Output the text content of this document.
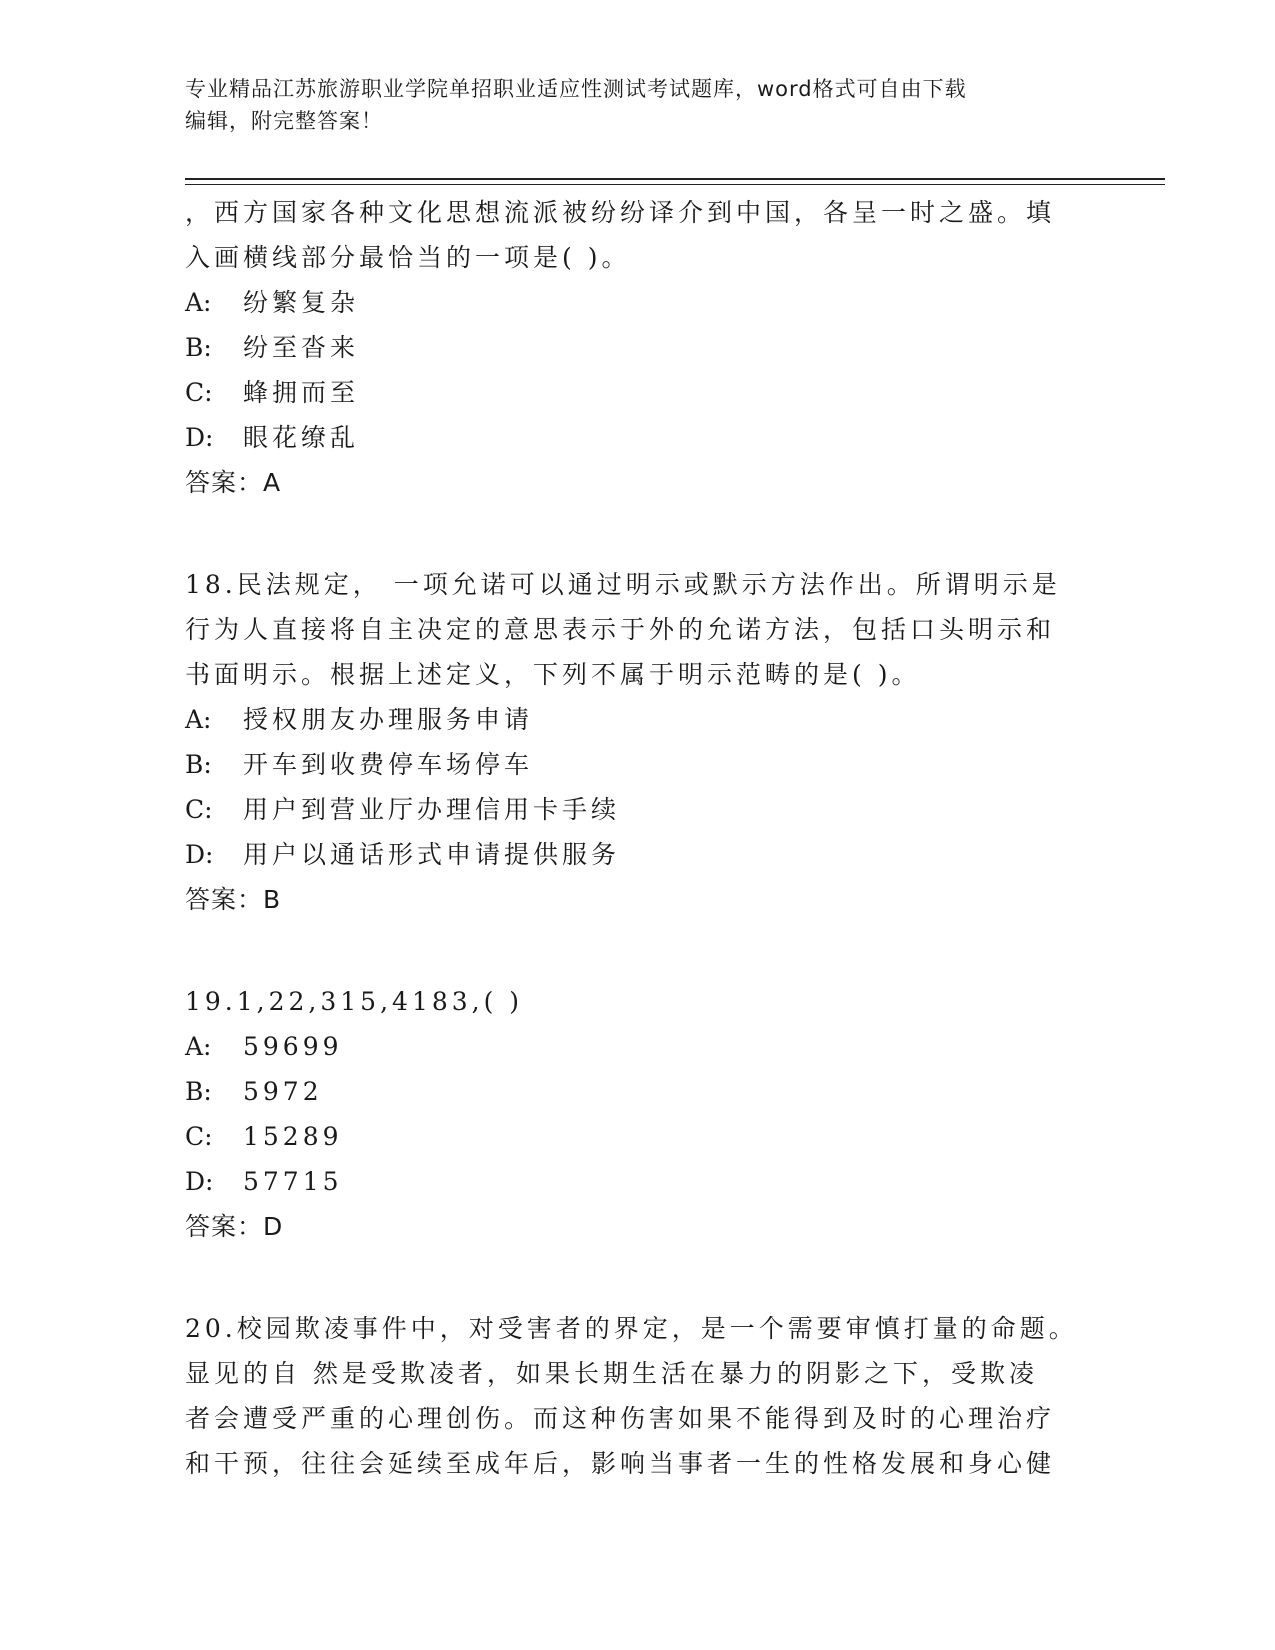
专业精品江苏旅游职业学院单招职业适应性测试考试题库，word格式可自由下载
编辑，附完整答案！
，西方国家各种文化思想流派被纷纷译介到中国，各呈一时之盛。填
入画横线部分最恰当的一项是( )。
A: 纷繁复杂
B: 纷至沓来
C: 蜂拥而至
D: 眼花缭乱
答案：A
18.民法规定， 一项允诺可以通过明示或默示方法作出。所谓明示是
行为人直接将自主决定的意思表示于外的允诺方法，包括口头明示和
书面明示。根据上述定义，下列不属于明示范畴的是( )。
A: 授权朋友办理服务申请
B: 开车到收费停车场停车
C: 用户到营业厅办理信用卡手续
D: 用户以通话形式申请提供服务
答案：B
19.1,22,315,4183,( )
A: 59699
B: 5972
C: 15289
D: 57715
答案：D
20.校园欺凌事件中，对受害者的界定，是一个需要审慎打量的命题。
显见的自 然是受欺凌者，如果长期生活在暴力的阴影之下，受欺凌
者会遭受严重的心理创伤。而这种伤害如果不能得到及时的心理治疗
和干预，往往会延续至成年后，影响当事者一生的性格发展和身心健
